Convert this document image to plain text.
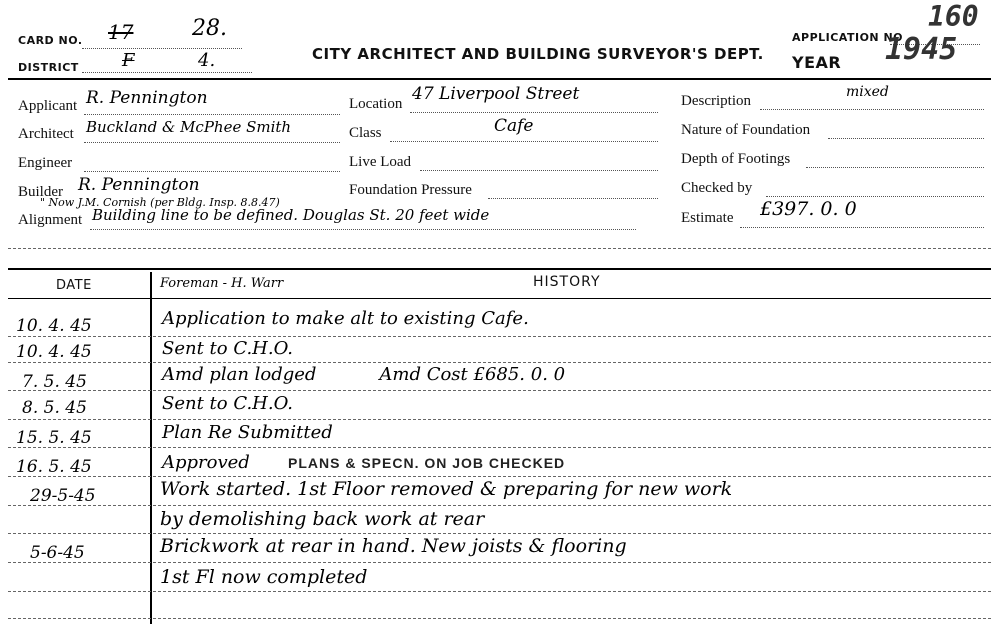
CARD NO. 17	28.
DISTRICT F	4.	CITY ARCHITECT AND BUILDING SURVEYOR'S DEPT.
APPLICATION NO
160
YEAR 1945
Applicant R. Pennington
Architect Buckland & McPhee Smith
Engineer
Builder R. Pennington
" Now J.M. Cornish (per Bldg. Insp. 8.8.47)
Alignment Building line to be defined. Douglas St. 20 feet wide
Location 47 Liverpool Street
Class	Cafe
Live Load
Foundation Pressure
Description
mixed
Nature of Foundation
Depth of Footings
Checked by
Estimate £397. 0. 0
DATE	HISTORY
Foreman - H. Warr
10. 4. 45	Application to make alt to existing Cafe.
10. 4. 45	Sent to C.H.O.
7. 5. 45	Amd plan lodged           Amd Cost £685. 0. 0
8. 5. 45	Sent to C.H.O.
15. 5. 45	Plan Re Submitted
16. 5. 45	Approved	PLANS & SPECN. ON JOB CHECKED
29-5-45	Work started. 1st Floor removed & preparing for new work
by demolishing back work at rear
5-6-45	Brickwork at rear in hand. New joists & flooring
1st Fl now completed
